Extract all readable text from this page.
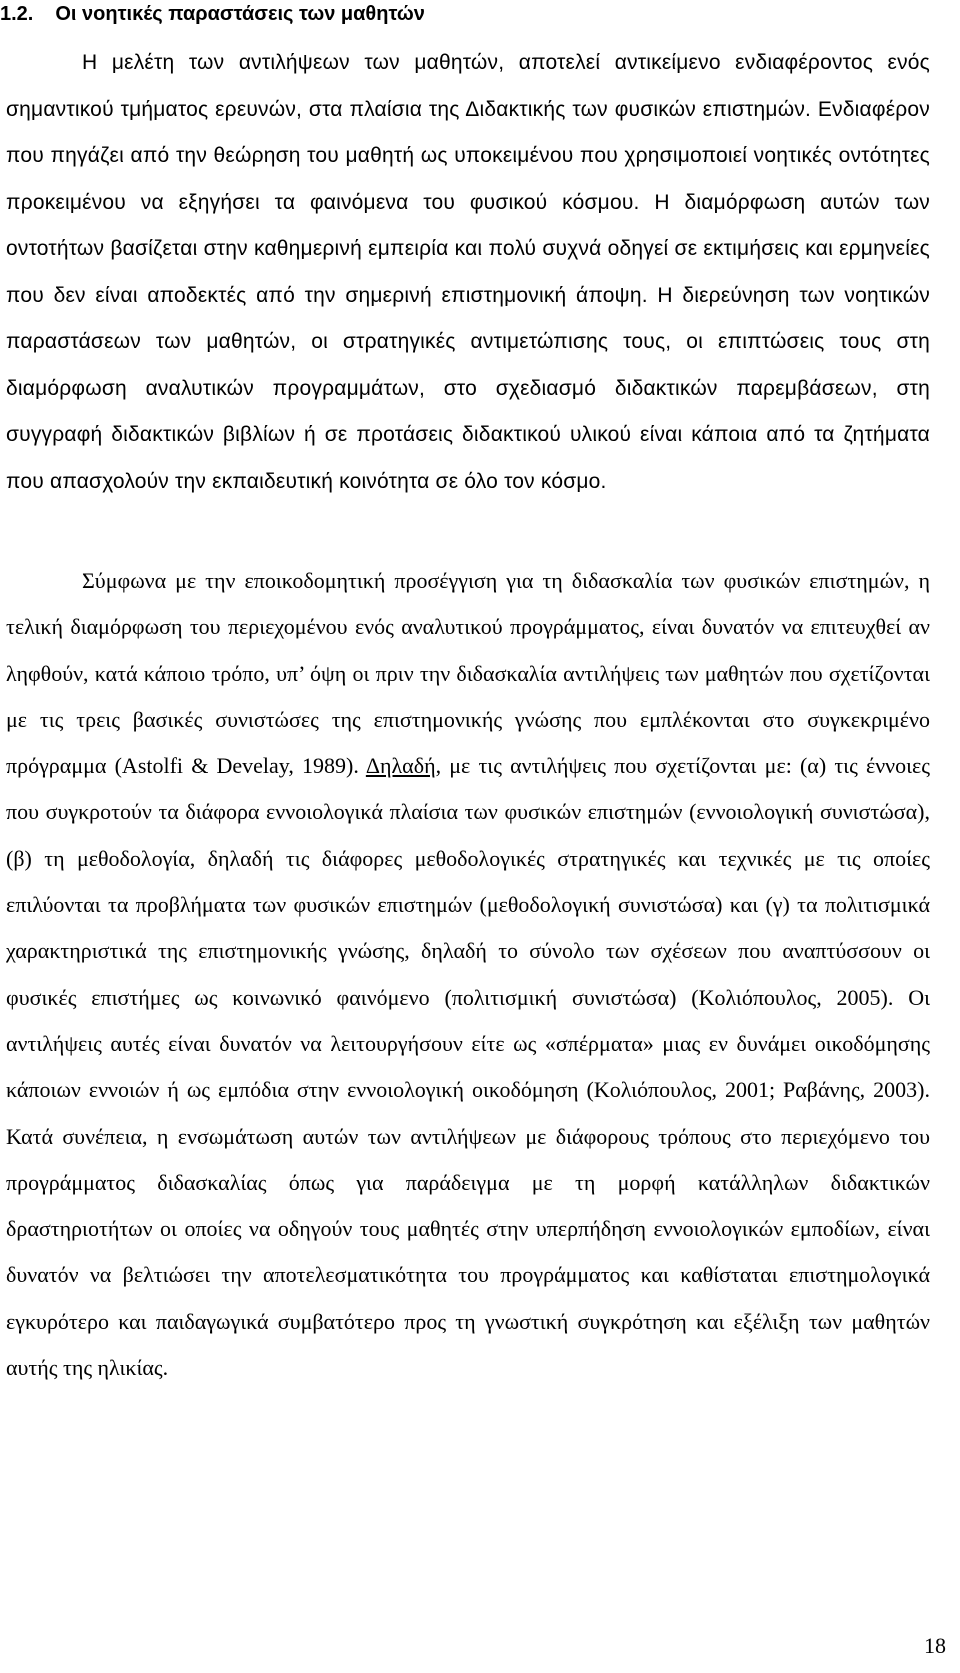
1.2. Οι νοητικές παραστάσεις των μαθητών

Η μελέτη των αντιλήψεων των μαθητών, αποτελεί αντικείμενο ενδιαφέροντος ενός σημαντικού τμήματος ερευνών, στα πλαίσια της Διδακτικής των φυσικών επιστημών. Ενδιαφέρον που πηγάζει από την θεώρηση του μαθητή ως υποκειμένου που χρησιμοποιεί νοητικές οντότητες προκειμένου να εξηγήσει τα φαινόμενα του φυσικού κόσμου. Η διαμόρφωση αυτών των οντοτήτων βασίζεται στην καθημερινή εμπειρία και πολύ συχνά οδηγεί σε εκτιμήσεις και ερμηνείες που δεν είναι αποδεκτές από την σημερινή επιστημονική άποψη. Η διερεύνηση των νοητικών παραστάσεων των μαθητών, οι στρατηγικές αντιμετώπισης τους, οι επιπτώσεις τους στη διαμόρφωση αναλυτικών προγραμμάτων, στο σχεδιασμό διδακτικών παρεμβάσεων, στη συγγραφή διδακτικών βιβλίων ή σε προτάσεις διδακτικού υλικού είναι κάποια από τα ζητήματα που απασχολούν την εκπαιδευτική κοινότητα σε όλο τον κόσμο.

Σύμφωνα με την εποικοδομητική προσέγγιση για τη διδασκαλία των φυσικών επιστημών, η τελική διαμόρφωση του περιεχομένου ενός αναλυτικού προγράμματος, είναι δυνατόν να επιτευχθεί αν ληφθούν, κατά κάποιο τρόπο, υπ’ όψη οι πριν την διδασκαλία αντιλήψεις των μαθητών που σχετίζονται με τις τρεις βασικές συνιστώσες της επιστημονικής γνώσης που εμπλέκονται στο συγκεκριμένο πρόγραμμα (Astolfi & Develay, 1989). Δηλαδή, με τις αντιλήψεις που σχετίζονται με: (α) τις έννοιες που συγκροτούν τα διάφορα εννοιολογικά πλαίσια των φυσικών επιστημών (εννοιολογική συνιστώσα), (β) τη μεθοδολογία, δηλαδή τις διάφορες μεθοδολογικές στρατηγικές και τεχνικές με τις οποίες επιλύονται τα προβλήματα των φυσικών επιστημών (μεθοδολογική συνιστώσα) και (γ) τα πολιτισμικά χαρακτηριστικά της επιστημονικής γνώσης, δηλαδή το σύνολο των σχέσεων που αναπτύσσουν οι φυσικές επιστήμες ως κοινωνικό φαινόμενο (πολιτισμική συνιστώσα) (Κολιόπουλος, 2005). Οι αντιλήψεις αυτές είναι δυνατόν να λειτουργήσουν είτε ως «σπέρματα» μιας εν δυνάμει οικοδόμησης κάποιων εννοιών ή ως εμπόδια στην εννοιολογική οικοδόμηση (Κολιόπουλος, 2001; Ραβάνης, 2003). Κατά συνέπεια, η ενσωμάτωση αυτών των αντιλήψεων με διάφορους τρόπους στο περιεχόμενο του προγράμματος διδασκαλίας όπως για παράδειγμα με τη μορφή κατάλληλων διδακτικών δραστηριοτήτων οι οποίες να οδηγούν τους μαθητές στην υπερπήδηση εννοιολογικών εμποδίων, είναι δυνατόν να βελτιώσει την αποτελεσματικότητα του προγράμματος και καθίσταται επιστημολογικά εγκυρότερο και παιδαγωγικά συμβατότερο προς τη γνωστική συγκρότηση και εξέλιξη των μαθητών αυτής της ηλικίας.

18
